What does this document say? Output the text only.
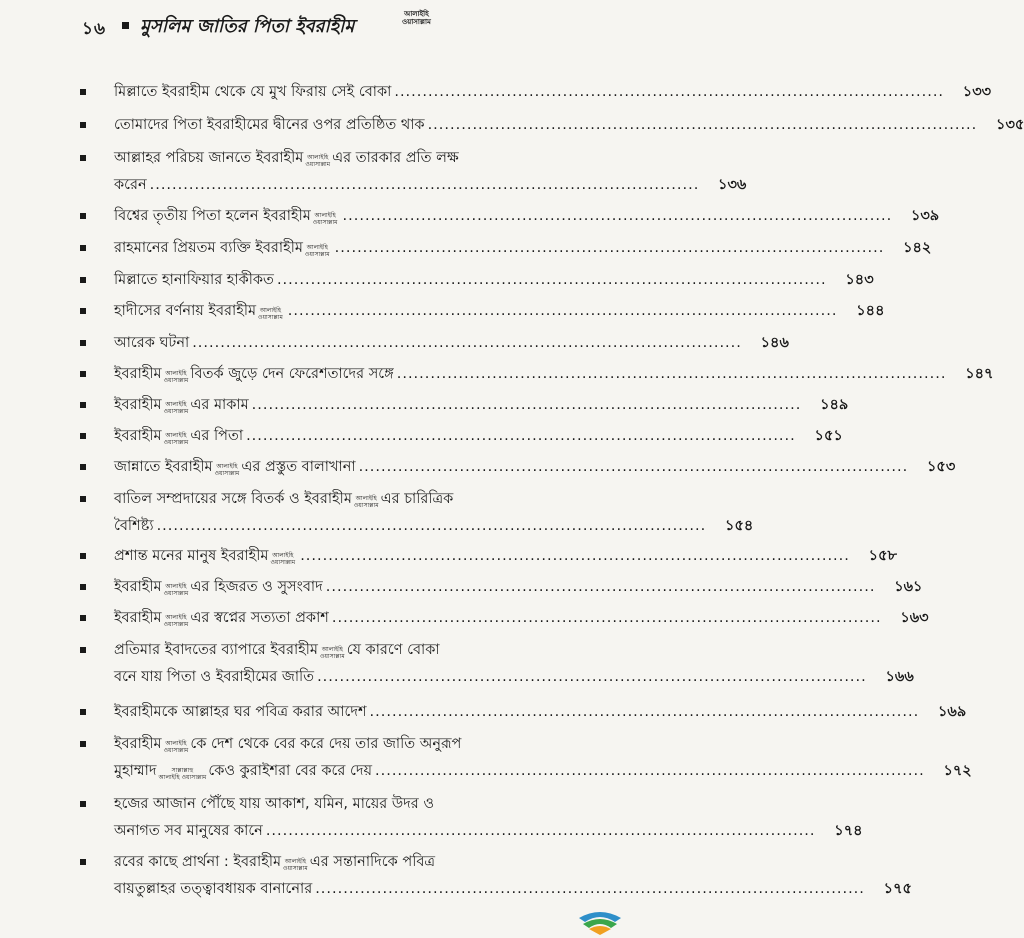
১৬ মুসলিম জাতির পিতা ইবরাহীম
আলাইহি
ওয়াসাল্লাম
মিল্লাতে ইবরাহীম থেকে যে মুখ ফিরায় সেই বোকা ..................................................................................................	১৩৩
তোমাদের পিতা ইবরাহীমের দ্বীনের ওপর প্রতিষ্ঠিত থাক ..................................................................................................	১৩৫
আল্লাহর পরিচয় জানতে ইবরাহীম আলাইহি
ওয়াসাল্লাম এর তারকার প্রতি লক্ষ
করেন ..................................................................................................	১৩৬
বিশ্বের তৃতীয় পিতা হলেন ইবরাহীম আলাইহি
ওয়াসাল্লাম ..................................................................................................	১৩৯
রাহমানের প্রিয়তম ব্যক্তি ইবরাহীম আলাইহি
ওয়াসাল্লাম ..................................................................................................	১৪২
মিল্লাতে হানাফিয়ার হাকীকত ..................................................................................................	১৪৩
হাদীসের বর্ণনায় ইবরাহীম আলাইহি
ওয়াসাল্লাম ..................................................................................................	১৪৪
আরেক ঘটনা ..................................................................................................	১৪৬
ইবরাহীম আলাইহি
ওয়াসাল্লাম বিতর্ক জুড়ে দেন ফেরেশতাদের সঙ্গে ..................................................................................................	১৪৭
ইবরাহীম আলাইহি
ওয়াসাল্লাম এর মাকাম ..................................................................................................	১৪৯
ইবরাহীম আলাইহি
ওয়াসাল্লাম এর পিতা ..................................................................................................	১৫১
জান্নাতে ইবরাহীম আলাইহি
ওয়াসাল্লাম এর প্রস্তুত বালাখানা ..................................................................................................	১৫৩
বাতিল সম্প্রদায়ের সঙ্গে বিতর্ক ও ইবরাহীম আলাইহি
ওয়াসাল্লাম এর চারিত্রিক
বৈশিষ্ট্য ..................................................................................................	১৫৪
প্রশান্ত মনের মানুষ ইবরাহীম আলাইহি
ওয়াসাল্লাম ..................................................................................................	১৫৮
ইবরাহীম আলাইহি
ওয়াসাল্লাম এর হিজরত ও সুসংবাদ ..................................................................................................	১৬১
ইবরাহীম আলাইহি
ওয়াসাল্লাম এর স্বপ্নের সত্যতা প্রকাশ ..................................................................................................	১৬৩
প্রতিমার ইবাদতের ব্যাপারে ইবরাহীম আলাইহি
ওয়াসাল্লাম যে কারণে বোকা
বনে যায় পিতা ও ইবরাহীমের জাতি ..................................................................................................	১৬৬
ইবরাহীমকে আল্লাহর ঘর পবিত্র করার আদেশ ..................................................................................................	১৬৯
ইবরাহীম আলাইহি
ওয়াসাল্লাম কে দেশ থেকে বের করে দেয় তার জাতি অনুরূপ
মুহাম্মাদ	সাল্লাল্লাহু
আলাইহি ওয়াসাল্লাম কেও কুরাইশরা বের করে দেয় ..................................................................................................	১৭২
হজের আজান পৌঁছে যায় আকাশ, যমিন, মায়ের উদর ও
অনাগত সব মানুষের কানে ..................................................................................................	১৭৪
রবের কাছে প্রার্থনা : ইবরাহীম আলাইহি
ওয়াসাল্লাম এর সন্তানাদিকে পবিত্র
বায়তুল্লাহর তত্ত্বাবধায়ক বানানোর ..................................................................................................	১৭৫
